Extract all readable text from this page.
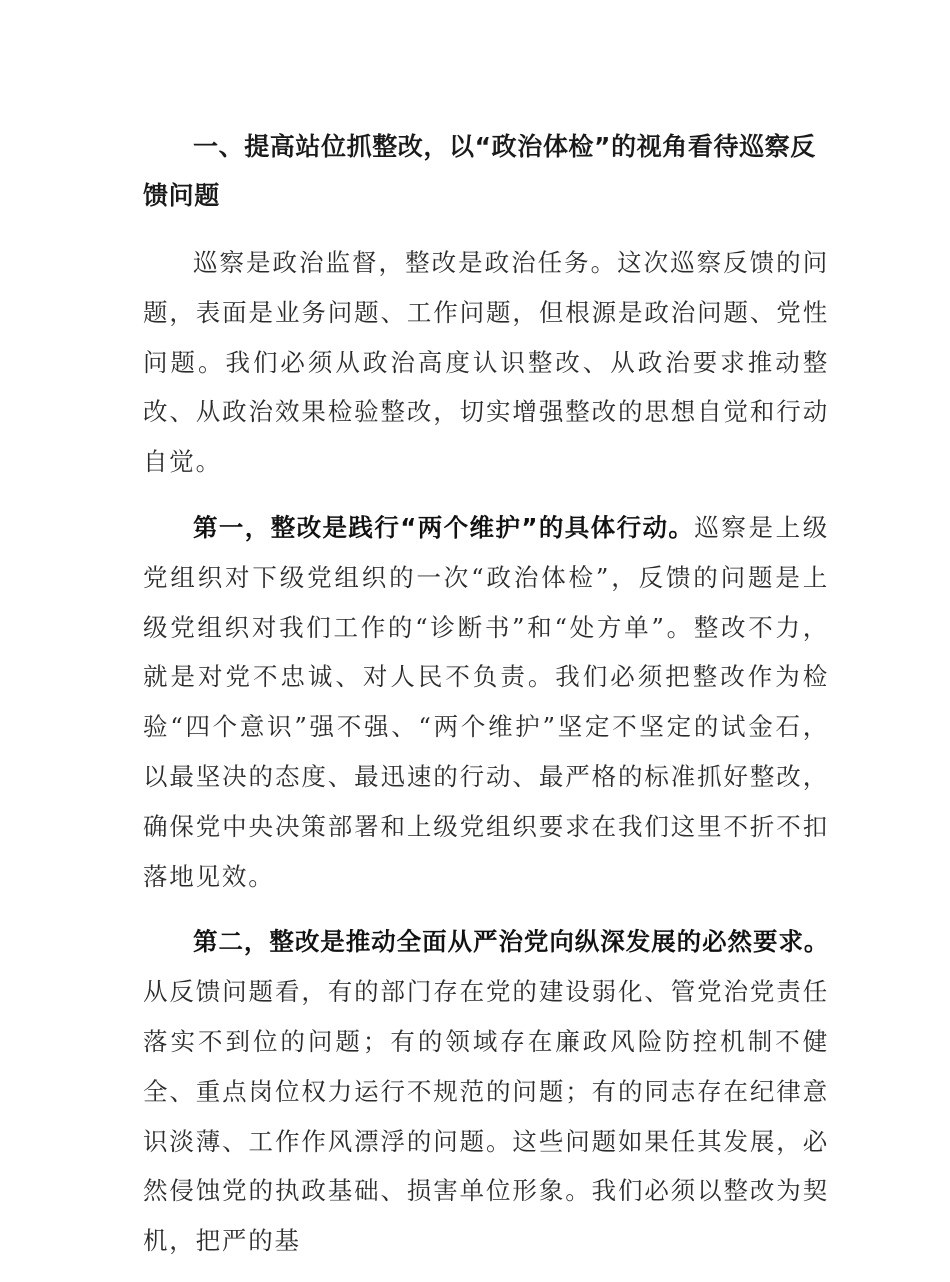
一、提高站位抓整改，以“政治体检”的视角看待巡察反馈问题

巡察是政治监督，整改是政治任务。这次巡察反馈的问题，表面是业务问题、工作问题，但根源是政治问题、党性问题。我们必须从政治高度认识整改、从政治要求推动整改、从政治效果检验整改，切实增强整改的思想自觉和行动自觉。

第一，整改是践行“两个维护”的具体行动。巡察是上级党组织对下级党组织的一次“政治体检”，反馈的问题是上级党组织对我们工作的“诊断书”和“处方单”。整改不力，就是对党不忠诚、对人民不负责。我们必须把整改作为检验“四个意识”强不强、“两个维护”坚定不坚定的试金石，以最坚决的态度、最迅速的行动、最严格的标准抓好整改，确保党中央决策部署和上级党组织要求在我们这里不折不扣落地见效。

第二，整改是推动全面从严治党向纵深发展的必然要求。从反馈问题看，有的部门存在党的建设弱化、管党治党责任落实不到位的问题；有的领域存在廉政风险防控机制不健全、重点岗位权力运行不规范的问题；有的同志存在纪律意识淡薄、工作作风漂浮的问题。这些问题如果任其发展，必然侵蚀党的执政基础、损害单位形象。我们必须以整改为契机，把严的基
